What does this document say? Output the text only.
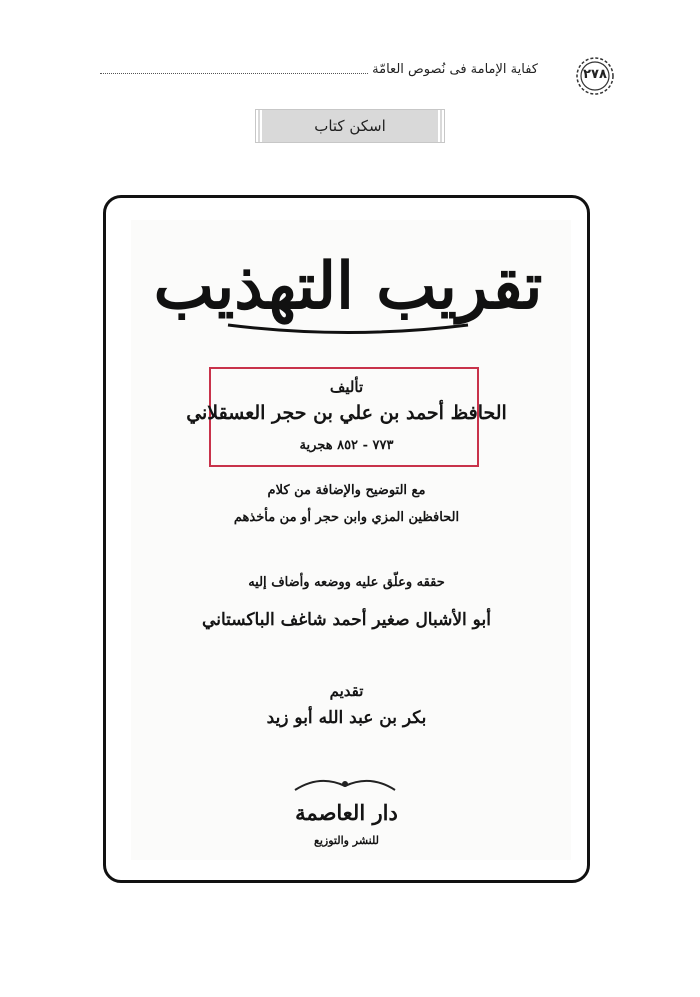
كفاية الإمامة فى نُصوص العامّة	٢٧٨
اسكن كتاب
تقريب التهذيب
تأليف
الحافظ أحمد بن علي بن حجر العسقلاني
٧٧٣ - ٨٥٢ هجرية
مع التوضيح والإضافة من كلام
الحافظين المزي وابن حجر أو من مأخذهم
حققه وعلّق عليه ووضعه وأضاف إليه
أبو الأشبال صغير أحمد شاغف الباكستاني
تقديم
بكر بن عبد الله أبو زيد
دار العاصمة
للنشر والتوزيع
